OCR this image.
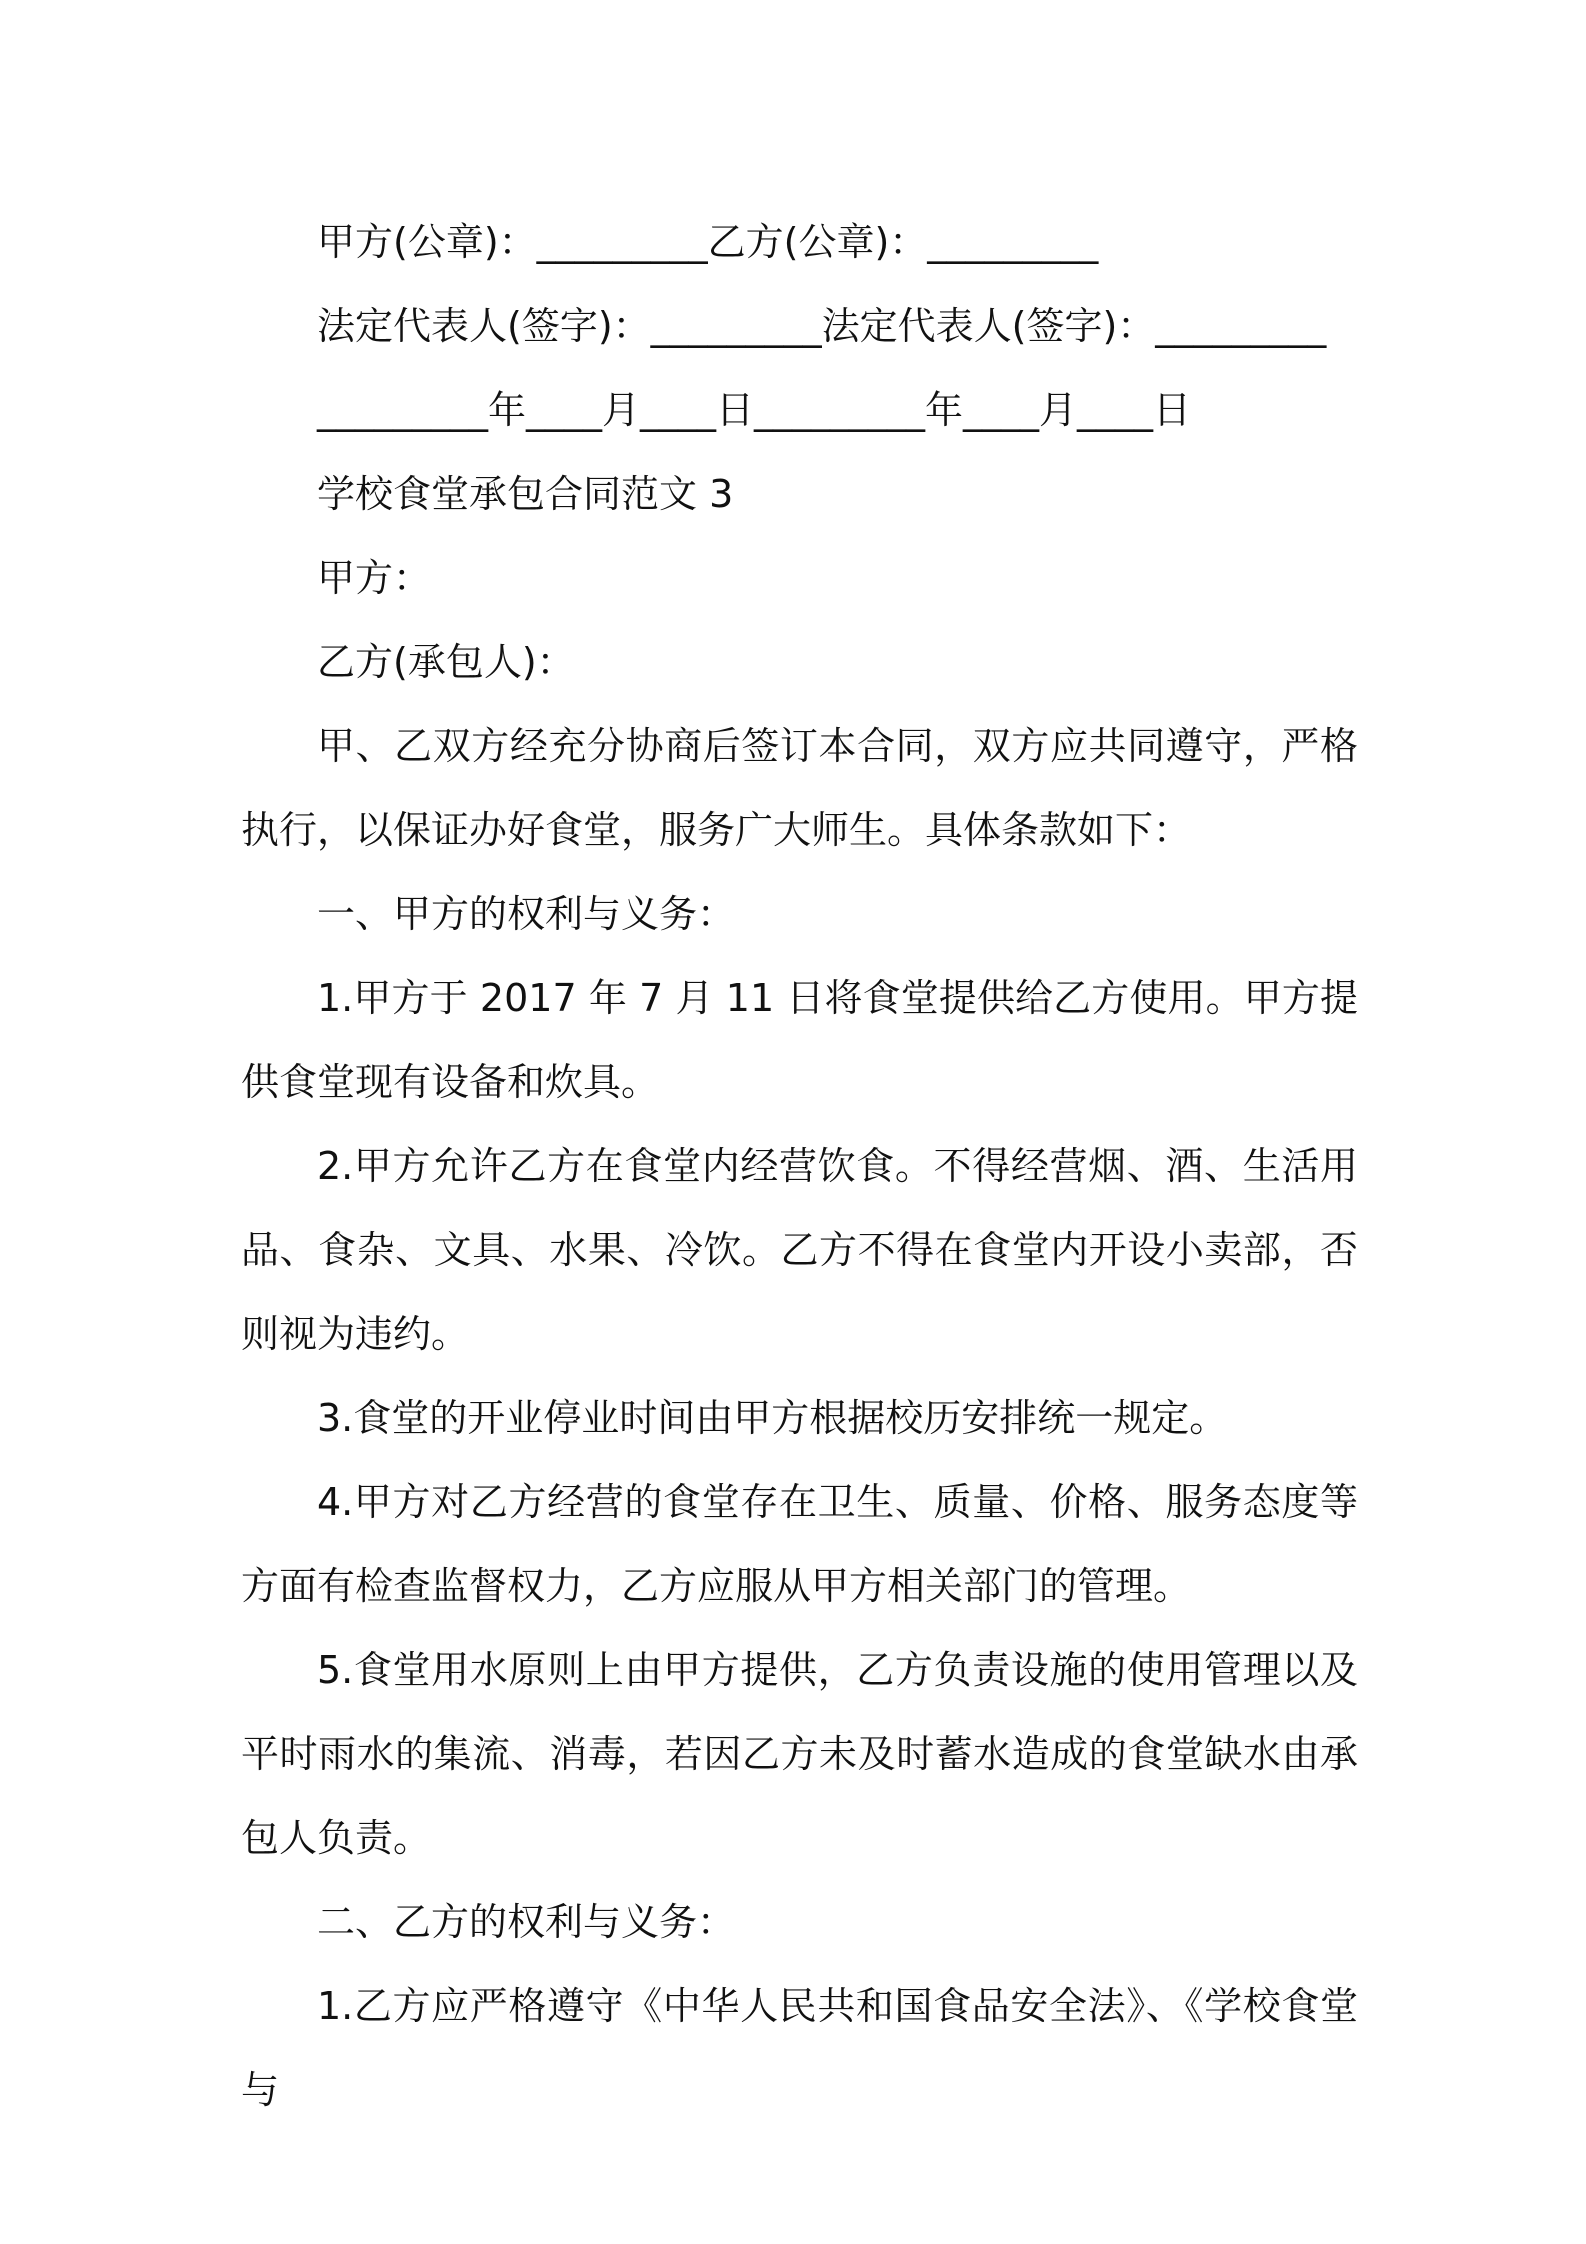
甲方(公章)：_________乙方(公章)：_________

法定代表人(签字)：_________法定代表人(签字)：_________

_________年____月____日_________年____月____日

学校食堂承包合同范文 3

甲方：

乙方(承包人)：

甲、乙双方经充分协商后签订本合同，双方应共同遵守，严格执行，以保证办好食堂，服务广大师生。具体条款如下：

一、甲方的权利与义务：

1.甲方于 2017 年 7 月 11 日将食堂提供给乙方使用。甲方提供食堂现有设备和炊具。

2.甲方允许乙方在食堂内经营饮食。不得经营烟、酒、生活用品、食杂、文具、水果、冷饮。乙方不得在食堂内开设小卖部，否则视为违约。

3.食堂的开业停业时间由甲方根据校历安排统一规定。

4.甲方对乙方经营的食堂存在卫生、质量、价格、服务态度等方面有检查监督权力，乙方应服从甲方相关部门的管理。

5.食堂用水原则上由甲方提供，乙方负责设施的使用管理以及平时雨水的集流、消毒，若因乙方未及时蓄水造成的食堂缺水由承包人负责。

二、乙方的权利与义务：

1.乙方应严格遵守《中华人民共和国食品安全法》、《学校食堂与
